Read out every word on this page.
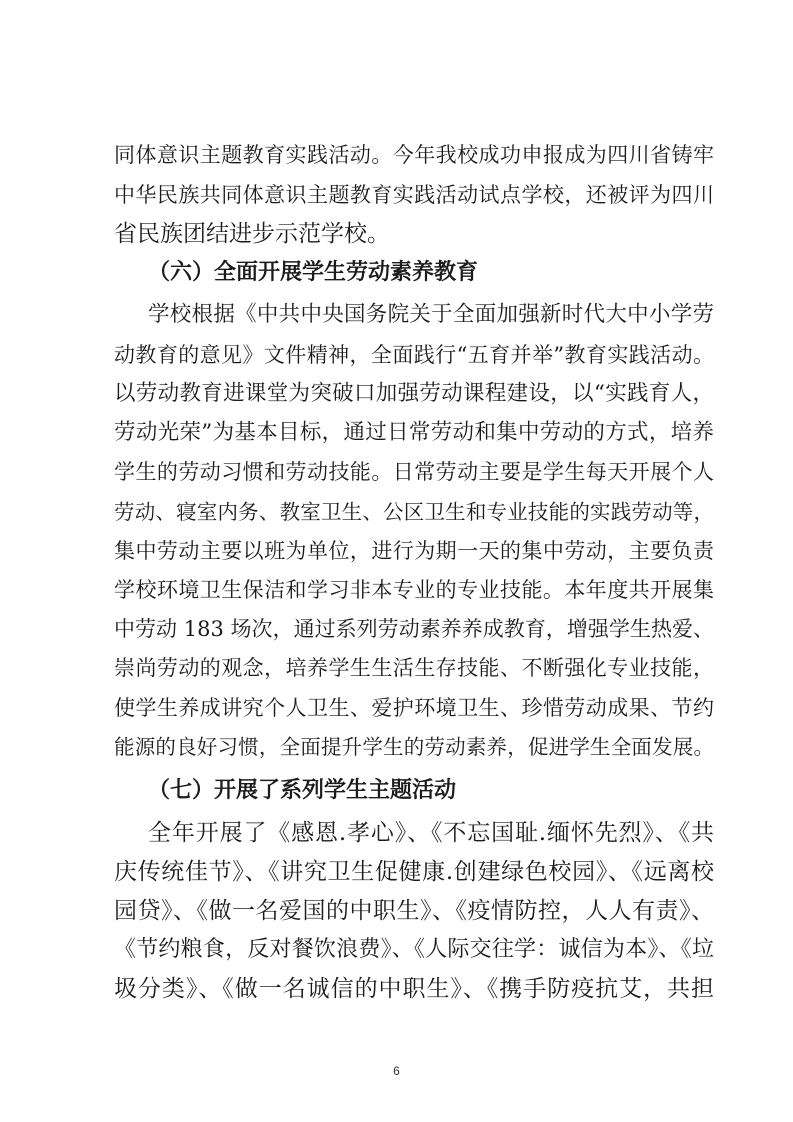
同体意识主题教育实践活动。今年我校成功申报成为四川省铸牢
中华民族共同体意识主题教育实践活动试点学校，还被评为四川
省民族团结进步示范学校。
（六）全面开展学生劳动素养教育
学校根据《中共中央国务院关于全面加强新时代大中小学劳
动教育的意见》文件精神，全面践行“五育并举”教育实践活动。
以劳动教育进课堂为突破口加强劳动课程建设，以“实践育人，
劳动光荣”为基本目标，通过日常劳动和集中劳动的方式，培养
学生的劳动习惯和劳动技能。日常劳动主要是学生每天开展个人
劳动、寝室内务、教室卫生、公区卫生和专业技能的实践劳动等，
集中劳动主要以班为单位，进行为期一天的集中劳动，主要负责
学校环境卫生保洁和学习非本专业的专业技能。本年度共开展集
中劳动 183 场次，通过系列劳动素养养成教育，增强学生热爱、
崇尚劳动的观念，培养学生生活生存技能、不断强化专业技能，
使学生养成讲究个人卫生、爱护环境卫生、珍惜劳动成果、节约
能源的良好习惯，全面提升学生的劳动素养，促进学生全面发展。
（七）开展了系列学生主题活动
全年开展了《感恩.孝心》、《不忘国耻.缅怀先烈》、《共
庆传统佳节》、《讲究卫生促健康.创建绿色校园》、《远离校
园贷》、《做一名爱国的中职生》、《疫情防控，人人有责》、
《节约粮食，反对餐饮浪费》、《人际交往学：诚信为本》、《垃
圾分类》、《做一名诚信的中职生》、《携手防疫抗艾，共担
6
